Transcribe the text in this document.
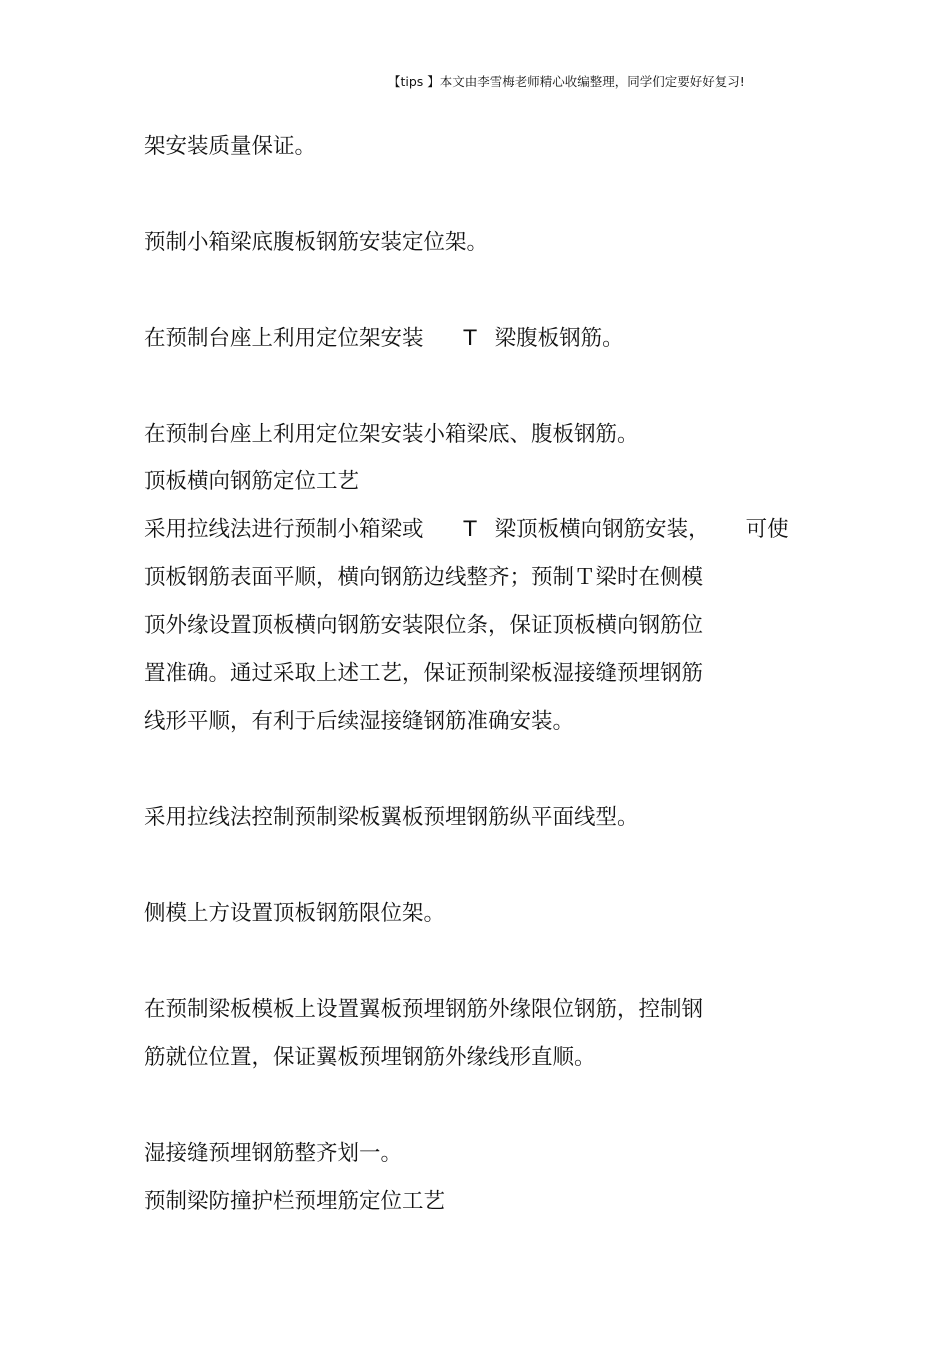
【tips 】本文由李雪梅老师精心收编整理，同学们定要好好复习!
架安装质量保证。
预制小箱梁底腹板钢筋安装定位架。
在预制台座上利用定位架安装 T 梁腹板钢筋。
在预制台座上利用定位架安装小箱梁底、腹板钢筋。
顶板横向钢筋定位工艺
采用拉线法进行预制小箱梁或 T 梁顶板横向钢筋安装， 可使
顶板钢筋表面平顺，横向钢筋边线整齐；预制Ｔ梁时在侧模
顶外缘设置顶板横向钢筋安装限位条，保证顶板横向钢筋位
置准确。通过采取上述工艺，保证预制梁板湿接缝预埋钢筋
线形平顺，有利于后续湿接缝钢筋准确安装。
采用拉线法控制预制梁板翼板预埋钢筋纵平面线型。
侧模上方设置顶板钢筋限位架。
在预制梁板模板上设置翼板预埋钢筋外缘限位钢筋，控制钢
筋就位位置，保证翼板预埋钢筋外缘线形直顺。
湿接缝预埋钢筋整齐划一。
预制梁防撞护栏预埋筋定位工艺
